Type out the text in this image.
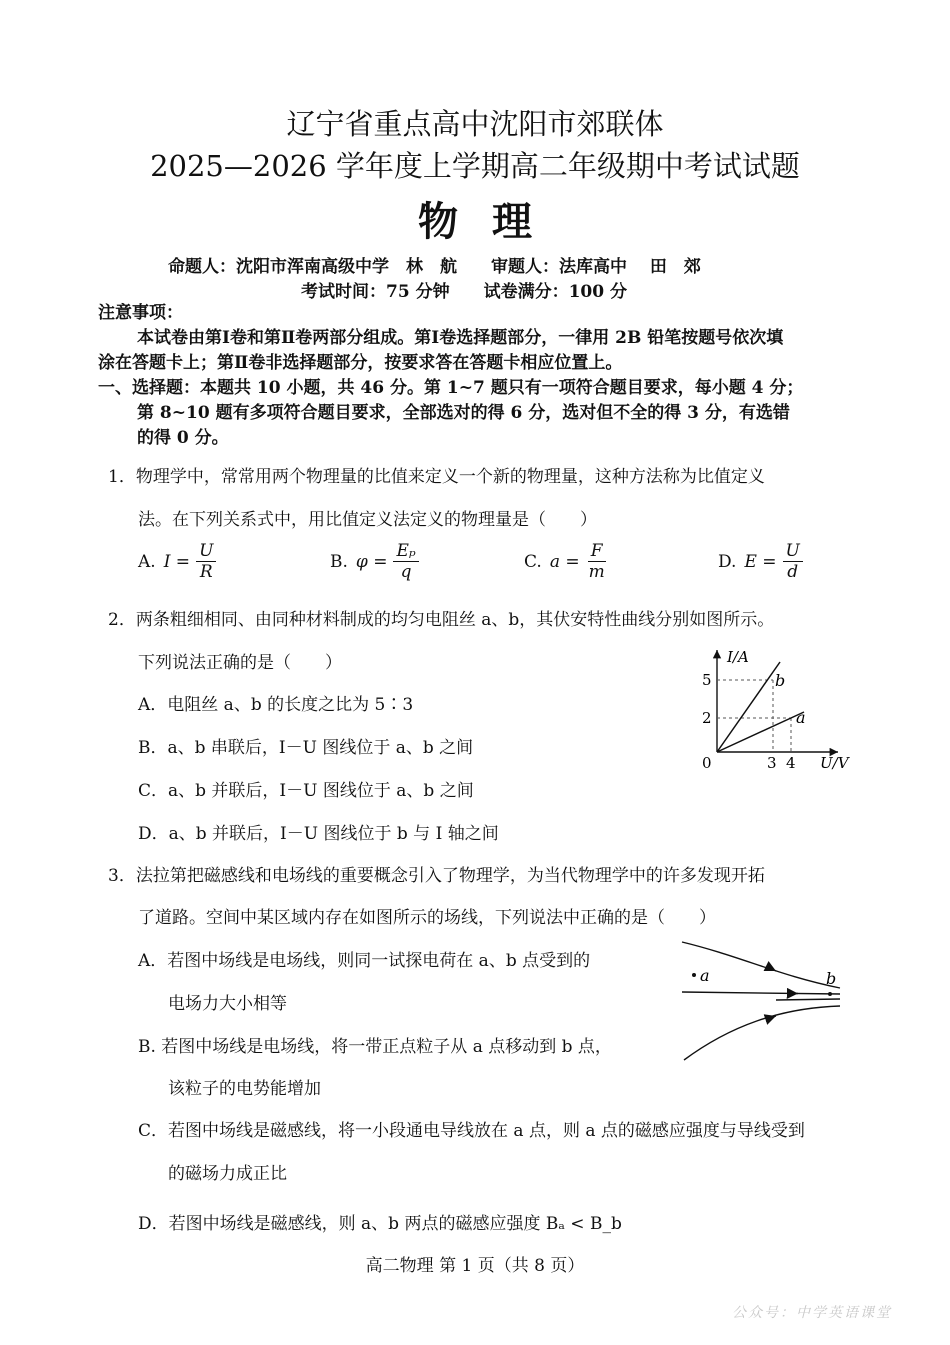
辽宁省重点高中沈阳市郊联体
2025—2026 学年度上学期高二年级期中考试试题
物理
命题人：沈阳市浑南高级中学　林　航　　审题人：法库高中　 田　郊
考试时间：75 分钟　　试卷满分：100 分
注意事项：
本试卷由第Ⅰ卷和第Ⅱ卷两部分组成。第Ⅰ卷选择题部分，一律用 2B 铅笔按题号依次填
涂在答题卡上；第Ⅱ卷非选择题部分，按要求答在答题卡相应位置上。
一、选择题：本题共 10 小题，共 46 分。第 1~7 题只有一项符合题目要求，每小题 4 分；
第 8~10 题有多项符合题目要求，全部选对的得 6 分，选对但不全的得 3 分，有选错
的得 0 分。
1．物理学中，常常用两个物理量的比值来定义一个新的物理量，这种方法称为比值定义
法。在下列关系式中，用比值定义法定义的物理量是（　　）
A. $I = \frac{U}{R}$	B. $\varphi = \frac{\text{Eₚ}}{q}$	C. $a = \frac{F}{m}$	D. $E = \frac{U}{d}$
2．两条粗细相同、由同种材料制成的均匀电阻丝 a、b，其伏安特性曲线分别如图所示。
下列说法正确的是（　　）
A．电阻丝 a、b 的长度之比为 5∶3
B．a、b 串联后，I－U 图线位于 a、b 之间
C．a、b 并联后，I－U 图线位于 a、b 之间
D．a、b 并联后，I－U 图线位于 b 与 I 轴之间
I/A
U/V
0
5
2
3 4
b
a
3．法拉第把磁感线和电场线的重要概念引入了物理学，为当代物理学中的许多发现开拓
了道路。空间中某区域内存在如图所示的场线，下列说法中正确的是（　　）
A．若图中场线是电场线，则同一试探电荷在 a、b 点受到的
电场力大小相等
B. 若图中场线是电场线，将一带正点粒子从 a 点移动到 b 点，
该粒子的电势能增加
C．若图中场线是磁感线，将一小段通电导线放在 a 点，则 a 点的磁感应强度与导线受到
的磁场力成正比
D．若图中场线是磁感线，则 a、b 两点的磁感应强度 Bₐ < B_b
a	b
高二物理 第 1 页（共 8 页）
公众号：中学英语课堂
